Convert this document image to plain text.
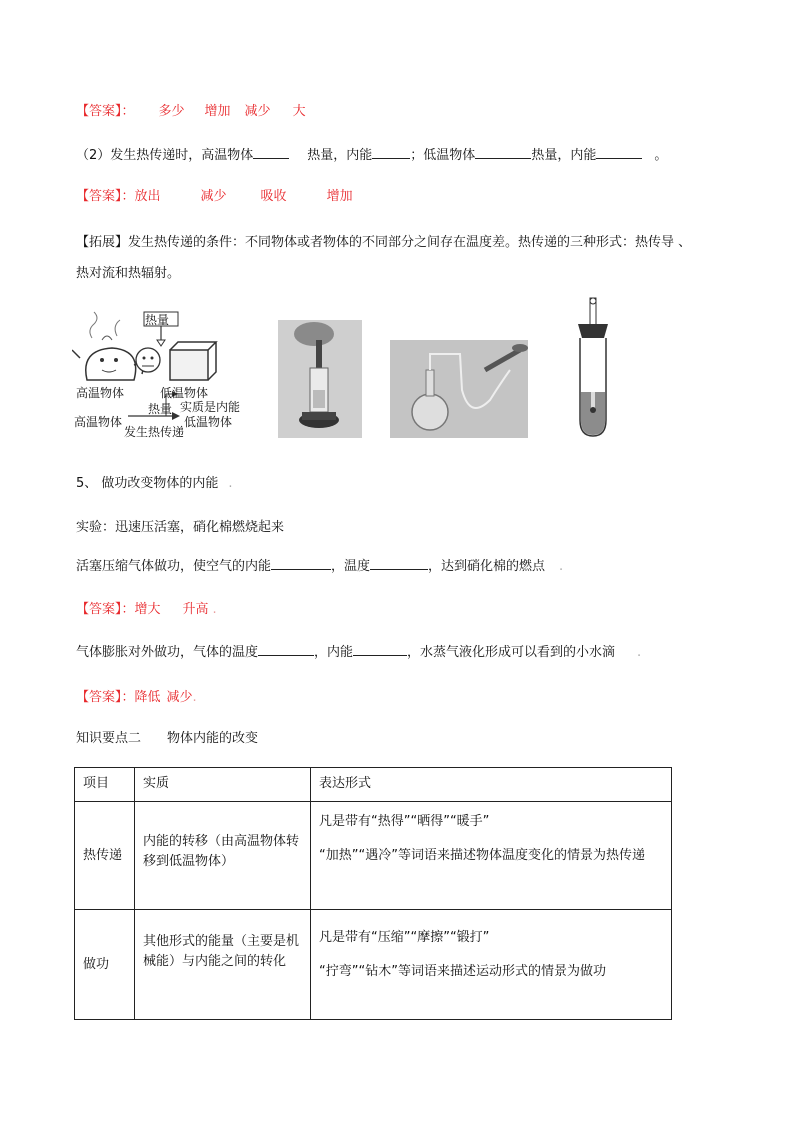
【答案】： 多少 增加 减少 大
（2）发生热传递时，高温物体	热量，内能	；低温物体	热量，内能	。
【答案】：放出	减少	吸收	增加
【拓展】发生热传递的条件：不同物体或者物体的不同部分之间存在温度差。热传递的三种形式：热传导 、
热对流和热辐射。
热量
高温物体	低温物体
实质是内能
高温物体
热量
低温物体
发生热传递
5、 做功改变物体的内能 .
实验：迅速压活塞，硝化棉燃烧起来
活塞压缩气体做功，使空气的内能	，温度	，达到硝化棉的燃点 .
【答案】：增大 升高 .
气体膨胀对外做功，气体的温度	，内能	，水蒸气液化形成可以看到的小水滴 .
【答案】：降低 减少.
知识要点二 物体内能的改变
项目	实质	表达形式
热传递	内能的转移（由高温物体转移到低温物体）	凡是带有“热得”“晒得”“暖手”

“加热”“遇冷”等词语来描述物体温度变化的情景为热传递

做功	其他形式的能量（主要是机械能）与内能之间的转化	凡是带有“压缩”“摩擦”“锻打”

“拧弯”“钻木”等词语来描述运动形式的情景为做功
